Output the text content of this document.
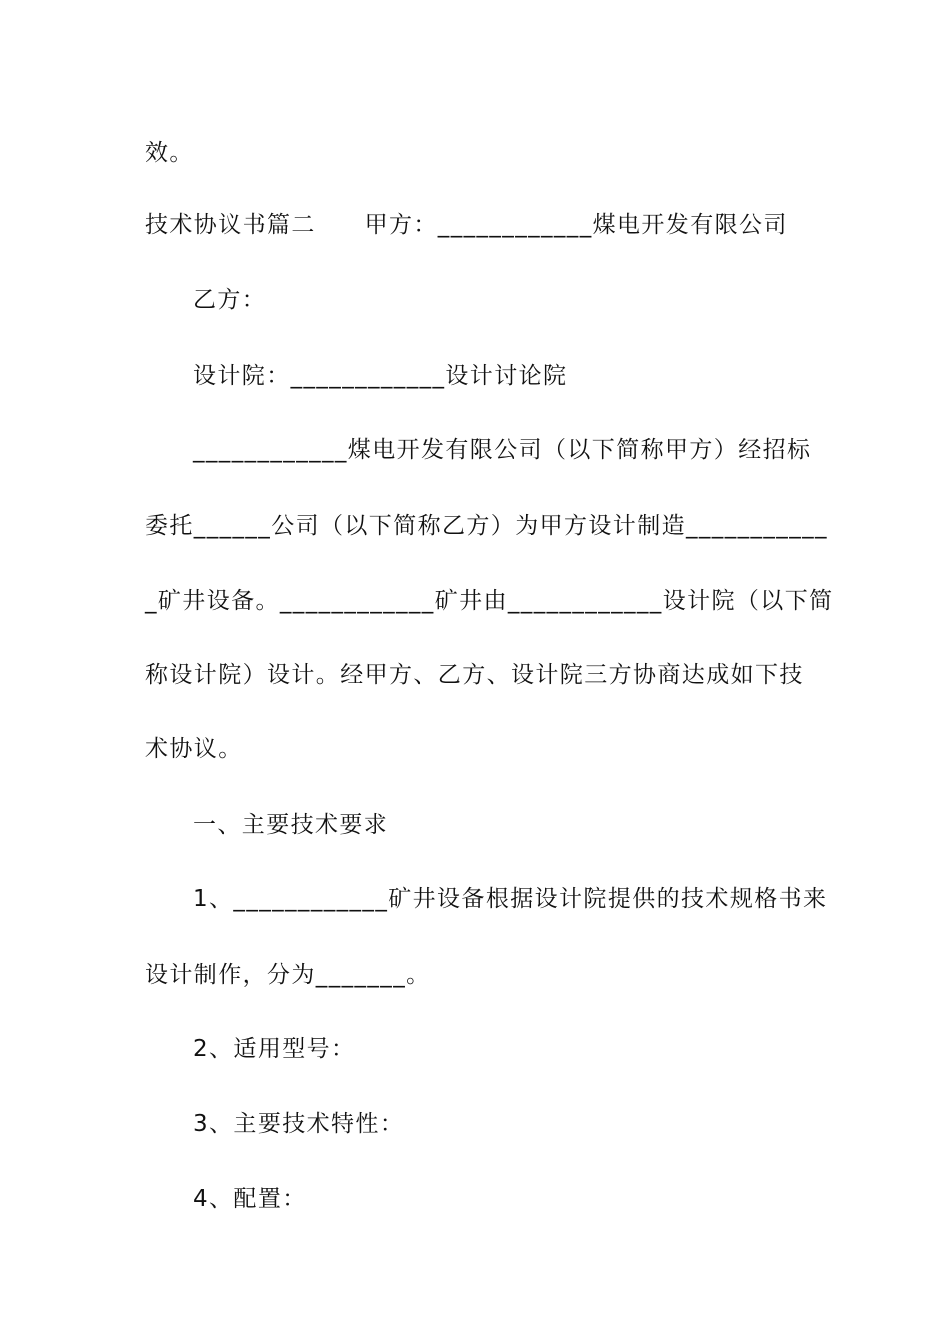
效。
技术协议书篇二　　甲方：____________煤电开发有限公司
乙方：
设计院：____________设计讨论院
____________煤电开发有限公司（以下简称甲方）经招标
委托______公司（以下简称乙方）为甲方设计制造___________
_矿井设备。____________矿井由____________设计院（以下简
称设计院）设计。经甲方、乙方、设计院三方协商达成如下技
术协议。
一、主要技术要求
1、____________矿井设备根据设计院提供的技术规格书来
设计制作，分为_______。
2、适用型号：
3、主要技术特性：
4、配置：
